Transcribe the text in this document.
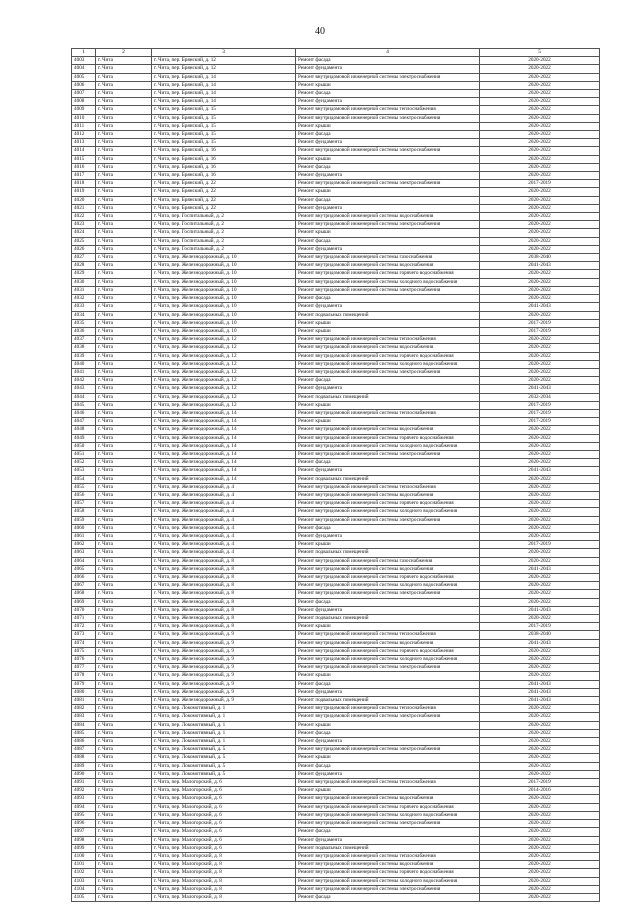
40
1	2	3	4	5
4003	г. Чита	г. Чита, пер. Брянский, д. 12	Ремонт фасада	2020-2022
4004	г. Чита	г. Чита, пер. Брянский, д. 12	Ремонт фундамента	2020-2022
4005	г. Чита	г. Чита, пер. Брянский, д. 14	Ремонт внутридомовой инженерной системы электроснабжения	2020-2022
4006	г. Чита	г. Чита, пер. Брянский, д. 14	Ремонт крыши	2020-2022
4007	г. Чита	г. Чита, пер. Брянский, д. 14	Ремонт фасада	2020-2022
4008	г. Чита	г. Чита, пер. Брянский, д. 14	Ремонт фундамента	2020-2022
4009	г. Чита	г. Чита, пер. Брянский, д. 15	Ремонт внутридомовой инженерной системы теплоснабжения	2020-2022
4010	г. Чита	г. Чита, пер. Брянский, д. 15	Ремонт внутридомовой инженерной системы электроснабжения	2020-2022
4011	г. Чита	г. Чита, пер. Брянский, д. 15	Ремонт крыши	2020-2022
4012	г. Чита	г. Чита, пер. Брянский, д. 15	Ремонт фасада	2020-2022
4013	г. Чита	г. Чита, пер. Брянский, д. 15	Ремонт фундамента	2020-2022
4014	г. Чита	г. Чита, пер. Брянский, д. 16	Ремонт внутридомовой инженерной системы электроснабжения	2020-2022
4015	г. Чита	г. Чита, пер. Брянский, д. 16	Ремонт крыши	2020-2022
4016	г. Чита	г. Чита, пер. Брянский, д. 16	Ремонт фасада	2020-2022
4017	г. Чита	г. Чита, пер. Брянский, д. 16	Ремонт фундамента	2020-2022
4018	г. Чита	г. Чита, пер. Брянский, д. 22	Ремонт внутридомовой инженерной системы электроснабжения	2017-2019
4019	г. Чита	г. Чита, пер. Брянский, д. 22	Ремонт крыши	2020-2022
4020	г. Чита	г. Чита, пер. Брянский, д. 22	Ремонт фасада	2020-2022
4021	г. Чита	г. Чита, пер. Брянский, д. 22	Ремонт фундамента	2020-2022
4022	г. Чита	г. Чита, пер. Госпитальный, д. 2	Ремонт внутридомовой инженерной системы водоснабжения	2020-2022
4023	г. Чита	г. Чита, пер. Госпитальный, д. 2	Ремонт внутридомовой инженерной системы электроснабжения	2020-2022
4024	г. Чита	г. Чита, пер. Госпитальный, д. 2	Ремонт крыши	2020-2022
4025	г. Чита	г. Чита, пер. Госпитальный, д. 2	Ремонт фасада	2020-2022
4026	г. Чита	г. Чита, пер. Госпитальный, д. 2	Ремонт фундамента	2020-2022
4027	г. Чита	г. Чита, пер. Железнодорожный, д. 10	Ремонт внутридомовой инженерной системы газоснабжения	2038-2040
4028	г. Чита	г. Чита, пер. Железнодорожный, д. 10	Ремонт внутридомовой инженерной системы водоснабжения	2041-2043
4029	г. Чита	г. Чита, пер. Железнодорожный, д. 10	Ремонт внутридомовой инженерной системы горячего водоснабжения	2020-2022
4030	г. Чита	г. Чита, пер. Железнодорожный, д. 10	Ремонт внутридомовой инженерной системы холодного водоснабжения	2020-2022
4031	г. Чита	г. Чита, пер. Железнодорожный, д. 10	Ремонт внутридомовой инженерной системы электроснабжения	2020-2022
4032	г. Чита	г. Чита, пер. Железнодорожный, д. 10	Ремонт фасада	2020-2022
4033	г. Чита	г. Чита, пер. Железнодорожный, д. 10	Ремонт фундамента	2041-2043
4034	г. Чита	г. Чита, пер. Железнодорожный, д. 10	Ремонт подвальных помещений	2020-2022
4035	г. Чита	г. Чита, пер. Железнодорожный, д. 10	Ремонт крыши	2017-2019
4036	г. Чита	г. Чита, пер. Железнодорожный, д. 10	Ремонт крыши	2017-2019
4037	г. Чита	г. Чита, пер. Железнодорожный, д. 12	Ремонт внутридомовой инженерной системы теплоснабжения	2020-2022
4038	г. Чита	г. Чита, пер. Железнодорожный, д. 12	Ремонт внутридомовой инженерной системы водоснабжения	2020-2022
4039	г. Чита	г. Чита, пер. Железнодорожный, д. 12	Ремонт внутридомовой инженерной системы горячего водоснабжения	2020-2022
4040	г. Чита	г. Чита, пер. Железнодорожный, д. 12	Ремонт внутридомовой инженерной системы холодного водоснабжения	2020-2022
4041	г. Чита	г. Чита, пер. Железнодорожный, д. 12	Ремонт внутридомовой инженерной системы электроснабжения	2020-2022
4042	г. Чита	г. Чита, пер. Железнодорожный, д. 12	Ремонт фасада	2020-2022
4043	г. Чита	г. Чита, пер. Железнодорожный, д. 12	Ремонт фундамента	2041-2043
4044	г. Чита	г. Чита, пер. Железнодорожный, д. 12	Ремонт подвальных помещений	2032-2034
4045	г. Чита	г. Чита, пер. Железнодорожный, д. 12	Ремонт крыши	2017-2019
4046	г. Чита	г. Чита, пер. Железнодорожный, д. 14	Ремонт внутридомовой инженерной системы теплоснабжения	2017-2019
4047	г. Чита	г. Чита, пер. Железнодорожный, д. 14	Ремонт крыши	2017-2019
4048	г. Чита	г. Чита, пер. Железнодорожный, д. 14	Ремонт внутридомовой инженерной системы водоснабжения	2020-2022
4049	г. Чита	г. Чита, пер. Железнодорожный, д. 14	Ремонт внутридомовой инженерной системы горячего водоснабжения	2020-2022
4050	г. Чита	г. Чита, пер. Железнодорожный, д. 14	Ремонт внутридомовой инженерной системы холодного водоснабжения	2020-2022
4051	г. Чита	г. Чита, пер. Железнодорожный, д. 14	Ремонт внутридомовой инженерной системы электроснабжения	2020-2022
4052	г. Чита	г. Чита, пер. Железнодорожный, д. 14	Ремонт фасада	2020-2022
4053	г. Чита	г. Чита, пер. Железнодорожный, д. 14	Ремонт фундамента	2041-2043
4054	г. Чита	г. Чита, пер. Железнодорожный, д. 14	Ремонт подвальных помещений	2020-2022
4055	г. Чита	г. Чита, пер. Железнодорожный, д. 4	Ремонт внутридомовой инженерной системы теплоснабжения	2020-2022
4056	г. Чита	г. Чита, пер. Железнодорожный, д. 4	Ремонт внутридомовой инженерной системы водоснабжения	2020-2022
4057	г. Чита	г. Чита, пер. Железнодорожный, д. 4	Ремонт внутридомовой инженерной системы горячего водоснабжения	2020-2022
4058	г. Чита	г. Чита, пер. Железнодорожный, д. 4	Ремонт внутридомовой инженерной системы холодного водоснабжения	2020-2022
4059	г. Чита	г. Чита, пер. Железнодорожный, д. 4	Ремонт внутридомовой инженерной системы электроснабжения	2020-2022
4060	г. Чита	г. Чита, пер. Железнодорожный, д. 4	Ремонт фасада	2020-2022
4061	г. Чита	г. Чита, пер. Железнодорожный, д. 4	Ремонт фундамента	2020-2022
4062	г. Чита	г. Чита, пер. Железнодорожный, д. 4	Ремонт крыши	2017-2019
4063	г. Чита	г. Чита, пер. Железнодорожный, д. 4	Ремонт подвальных помещений	2020-2022
4064	г. Чита	г. Чита, пер. Железнодорожный, д. 8	Ремонт внутридомовой инженерной системы газоснабжения	2020-2022
4065	г. Чита	г. Чита, пер. Железнодорожный, д. 8	Ремонт внутридомовой инженерной системы водоснабжения	2041-2043
4066	г. Чита	г. Чита, пер. Железнодорожный, д. 8	Ремонт внутридомовой инженерной системы горячего водоснабжения	2020-2022
4067	г. Чита	г. Чита, пер. Железнодорожный, д. 8	Ремонт внутридомовой инженерной системы холодного водоснабжения	2020-2022
4068	г. Чита	г. Чита, пер. Железнодорожный, д. 8	Ремонт внутридомовой инженерной системы электроснабжения	2020-2022
4069	г. Чита	г. Чита, пер. Железнодорожный, д. 8	Ремонт фасада	2020-2022
4070	г. Чита	г. Чита, пер. Железнодорожный, д. 8	Ремонт фундамента	2041-2043
4071	г. Чита	г. Чита, пер. Железнодорожный, д. 8	Ремонт подвальных помещений	2020-2022
4072	г. Чита	г. Чита, пер. Железнодорожный, д. 8	Ремонт крыши	2017-2019
4073	г. Чита	г. Чита, пер. Железнодорожный, д. 9	Ремонт внутридомовой инженерной системы теплоснабжения	2038-2040
4074	г. Чита	г. Чита, пер. Железнодорожный, д. 9	Ремонт внутридомовой инженерной системы водоснабжения	2041-2043
4075	г. Чита	г. Чита, пер. Железнодорожный, д. 9	Ремонт внутридомовой инженерной системы горячего водоснабжения	2020-2022
4076	г. Чита	г. Чита, пер. Железнодорожный, д. 9	Ремонт внутридомовой инженерной системы холодного водоснабжения	2020-2022
4077	г. Чита	г. Чита, пер. Железнодорожный, д. 9	Ремонт внутридомовой инженерной системы электроснабжения	2020-2022
4078	г. Чита	г. Чита, пер. Железнодорожный, д. 9	Ремонт крыши	2020-2022
4079	г. Чита	г. Чита, пер. Железнодорожный, д. 9	Ремонт фасада	2041-2043
4080	г. Чита	г. Чита, пер. Железнодорожный, д. 9	Ремонт фундамента	2041-2043
4081	г. Чита	г. Чита, пер. Железнодорожный, д. 9	Ремонт подвальных помещений	2041-2043
4082	г. Чита	г. Чита, пер. Локомотивный, д. 1	Ремонт внутридомовой инженерной системы теплоснабжения	2020-2022
4083	г. Чита	г. Чита, пер. Локомотивный, д. 1	Ремонт внутридомовой инженерной системы электроснабжения	2020-2022
4084	г. Чита	г. Чита, пер. Локомотивный, д. 1	Ремонт крыши	2020-2022
4085	г. Чита	г. Чита, пер. Локомотивный, д. 1	Ремонт фасада	2020-2022
4086	г. Чита	г. Чита, пер. Локомотивный, д. 1	Ремонт фундамента	2020-2022
4087	г. Чита	г. Чита, пер. Локомотивный, д. 5	Ремонт внутридомовой инженерной системы электроснабжения	2020-2022
4088	г. Чита	г. Чита, пер. Локомотивный, д. 5	Ремонт крыши	2020-2022
4089	г. Чита	г. Чита, пер. Локомотивный, д. 5	Ремонт фасада	2020-2022
4090	г. Чита	г. Чита, пер. Локомотивный, д. 5	Ремонт фундамента	2020-2022
4091	г. Чита	г. Чита, пер. Малогорский, д. 6	Ремонт внутридомовой инженерной системы теплоснабжения	2017-2019
4092	г. Чита	г. Чита, пер. Малогорский, д. 6	Ремонт крыши	2014-2016
4093	г. Чита	г. Чита, пер. Малогорский, д. 6	Ремонт внутридомовой инженерной системы водоснабжения	2020-2022
4094	г. Чита	г. Чита, пер. Малогорский, д. 6	Ремонт внутридомовой инженерной системы горячего водоснабжения	2020-2022
4095	г. Чита	г. Чита, пер. Малогорский, д. 6	Ремонт внутридомовой инженерной системы холодного водоснабжения	2020-2022
4096	г. Чита	г. Чита, пер. Малогорский, д. 6	Ремонт внутридомовой инженерной системы электроснабжения	2020-2022
4097	г. Чита	г. Чита, пер. Малогорский, д. 6	Ремонт фасада	2020-2022
4098	г. Чита	г. Чита, пер. Малогорский, д. 6	Ремонт фундамента	2020-2022
4099	г. Чита	г. Чита, пер. Малогорский, д. 6	Ремонт подвальных помещений	2020-2022
4100	г. Чита	г. Чита, пер. Малогорский, д. 8	Ремонт внутридомовой инженерной системы теплоснабжения	2020-2022
4101	г. Чита	г. Чита, пер. Малогорский, д. 8	Ремонт внутридомовой инженерной системы водоснабжения	2020-2022
4102	г. Чита	г. Чита, пер. Малогорский, д. 8	Ремонт внутридомовой инженерной системы горячего водоснабжения	2020-2022
4103	г. Чита	г. Чита, пер. Малогорский, д. 8	Ремонт внутридомовой инженерной системы холодного водоснабжения	2020-2022
4104	г. Чита	г. Чита, пер. Малогорский, д. 8	Ремонт внутридомовой инженерной системы электроснабжения	2020-2022
4105	г. Чита	г. Чита, пер. Малогорский, д. 8	Ремонт фасада	2020-2022
